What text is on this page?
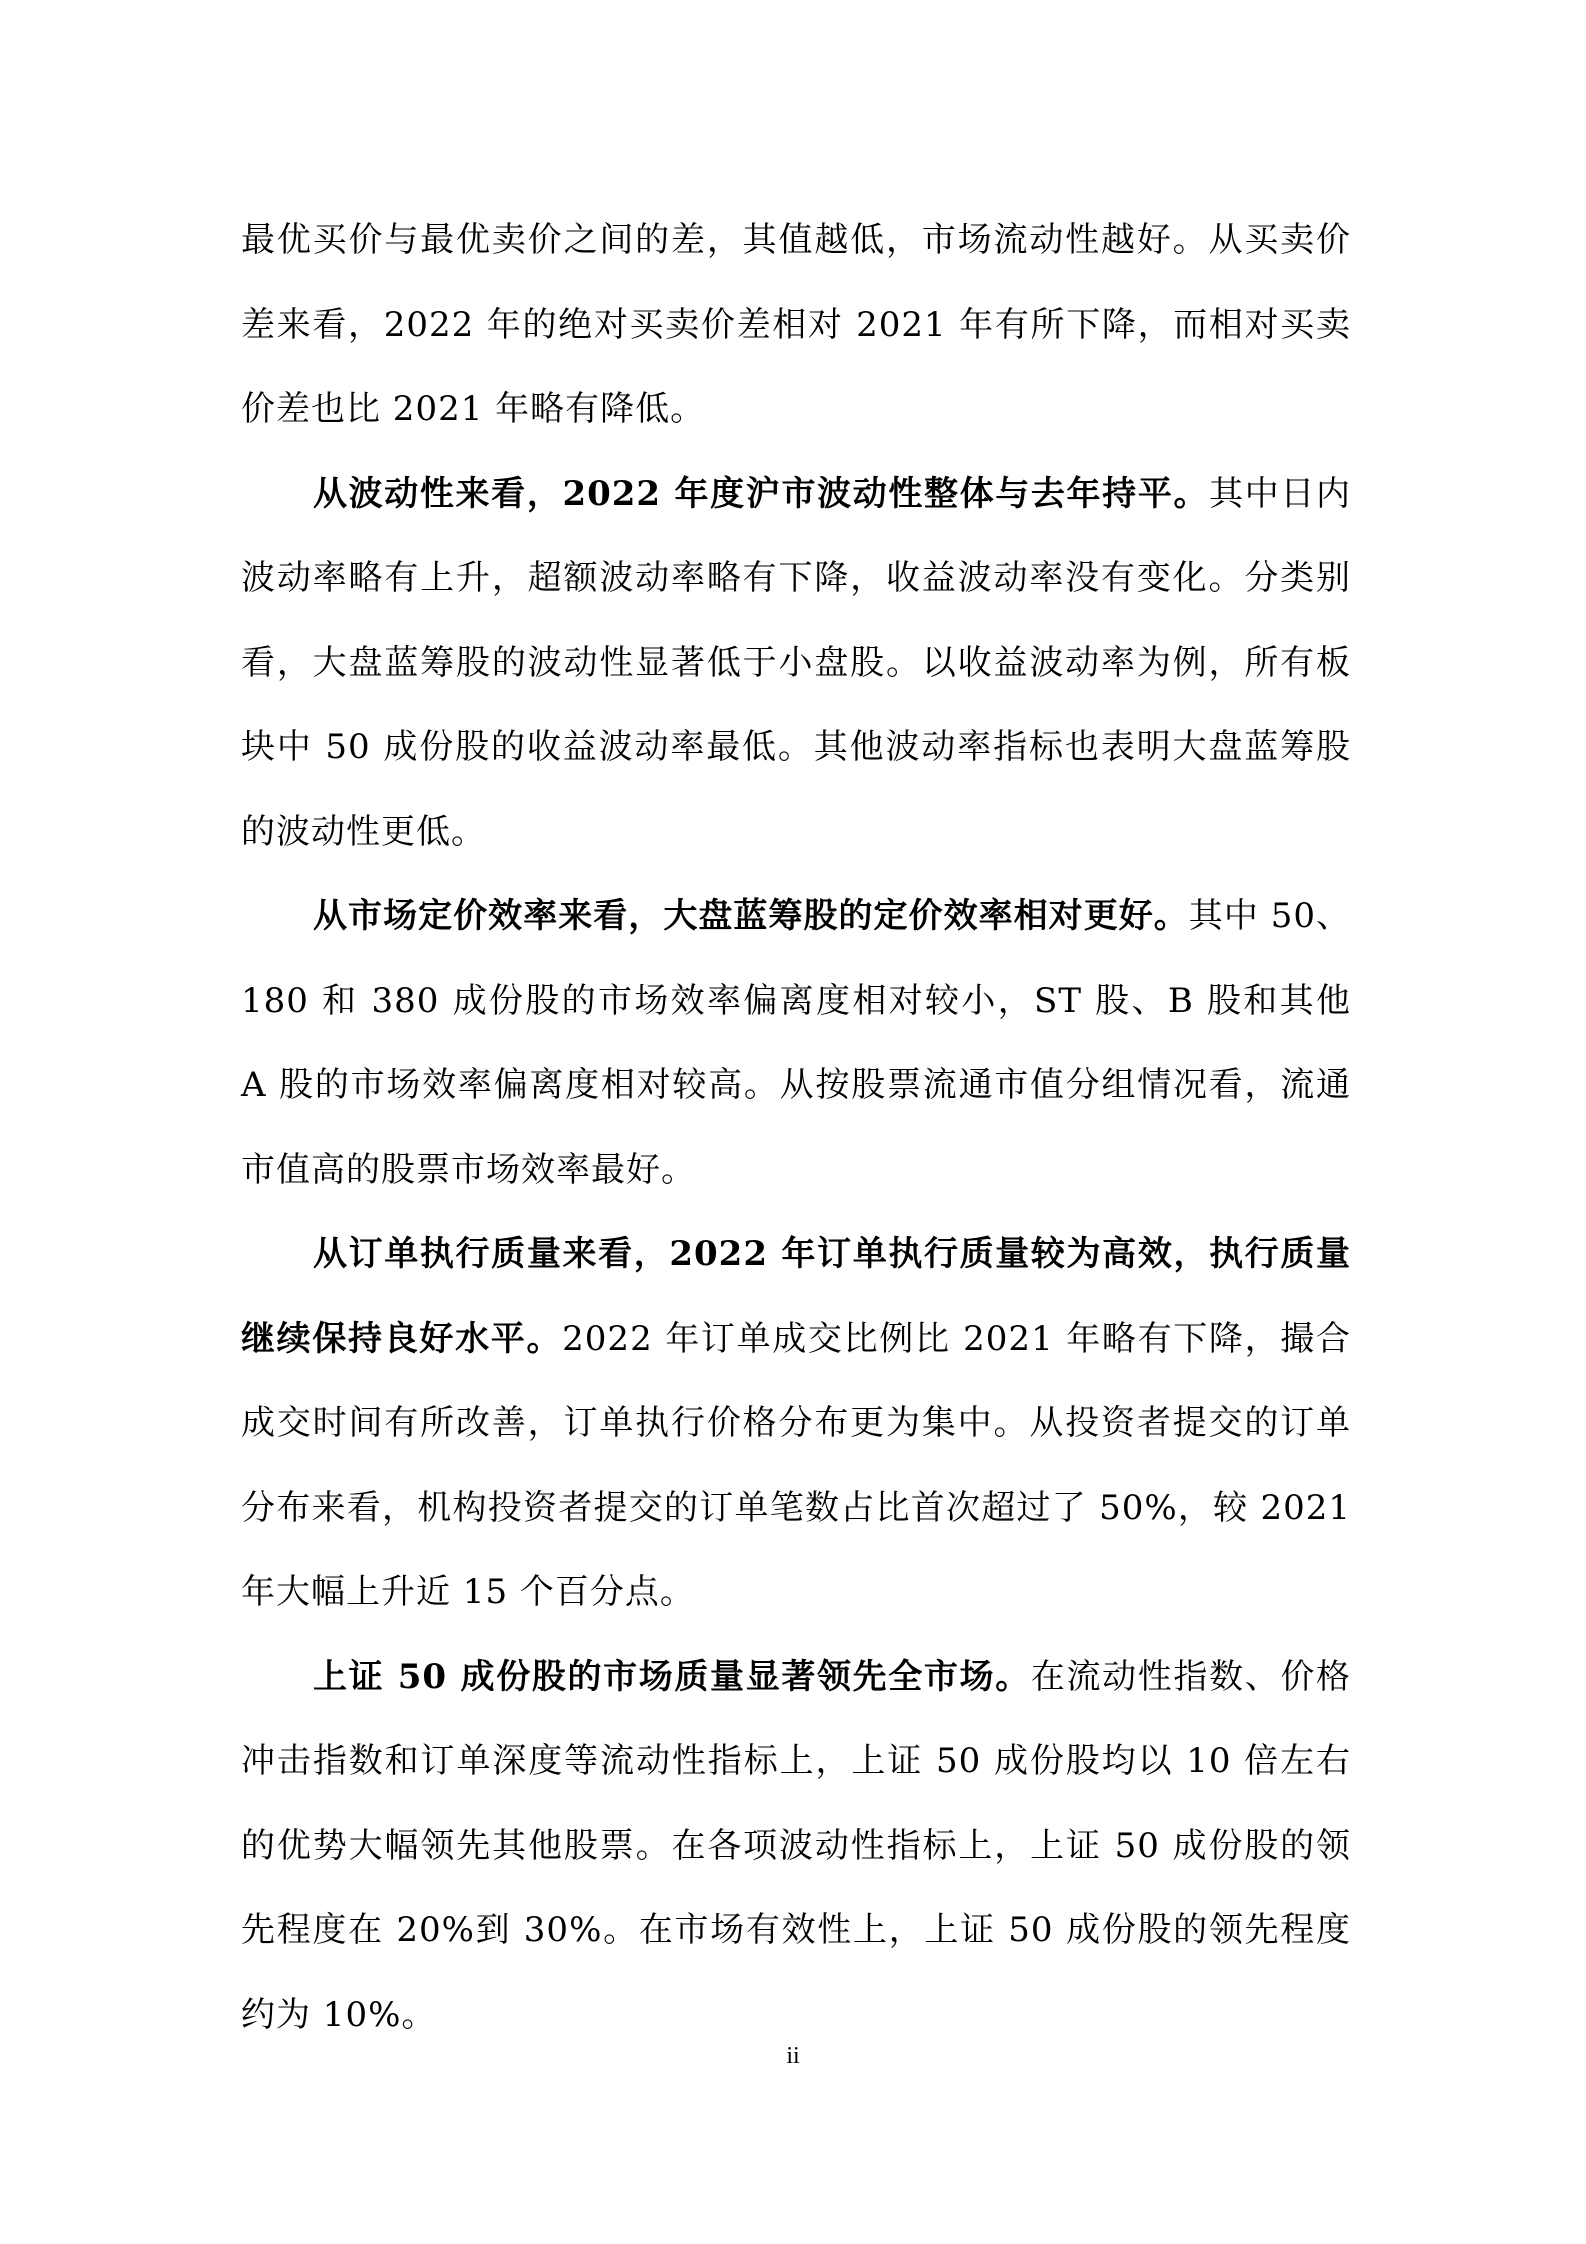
最优买价与最优卖价之间的差，其值越低，市场流动性越好。从买卖价差来看，2022 年的绝对买卖价差相对 2021 年有所下降，而相对买卖价差也比 2021 年略有降低。

从波动性来看，2022 年度沪市波动性整体与去年持平。其中日内波动率略有上升，超额波动率略有下降，收益波动率没有变化。分类别看，大盘蓝筹股的波动性显著低于小盘股。以收益波动率为例，所有板块中 50 成份股的收益波动率最低。其他波动率指标也表明大盘蓝筹股的波动性更低。

从市场定价效率来看，大盘蓝筹股的定价效率相对更好。其中 50、180 和 380 成份股的市场效率偏离度相对较小，ST 股、B 股和其他 A 股的市场效率偏离度相对较高。从按股票流通市值分组情况看，流通市值高的股票市场效率最好。

从订单执行质量来看，2022 年订单执行质量较为高效，执行质量继续保持良好水平。2022 年订单成交比例比 2021 年略有下降，撮合成交时间有所改善，订单执行价格分布更为集中。从投资者提交的订单分布来看，机构投资者提交的订单笔数占比首次超过了 50%，较 2021 年大幅上升近 15 个百分点。

上证 50 成份股的市场质量显著领先全市场。在流动性指数、价格冲击指数和订单深度等流动性指标上，上证 50 成份股均以 10 倍左右的优势大幅领先其他股票。在各项波动性指标上，上证 50 成份股的领先程度在 20%到 30%。在市场有效性上，上证 50 成份股的领先程度约为 10%。

ii
